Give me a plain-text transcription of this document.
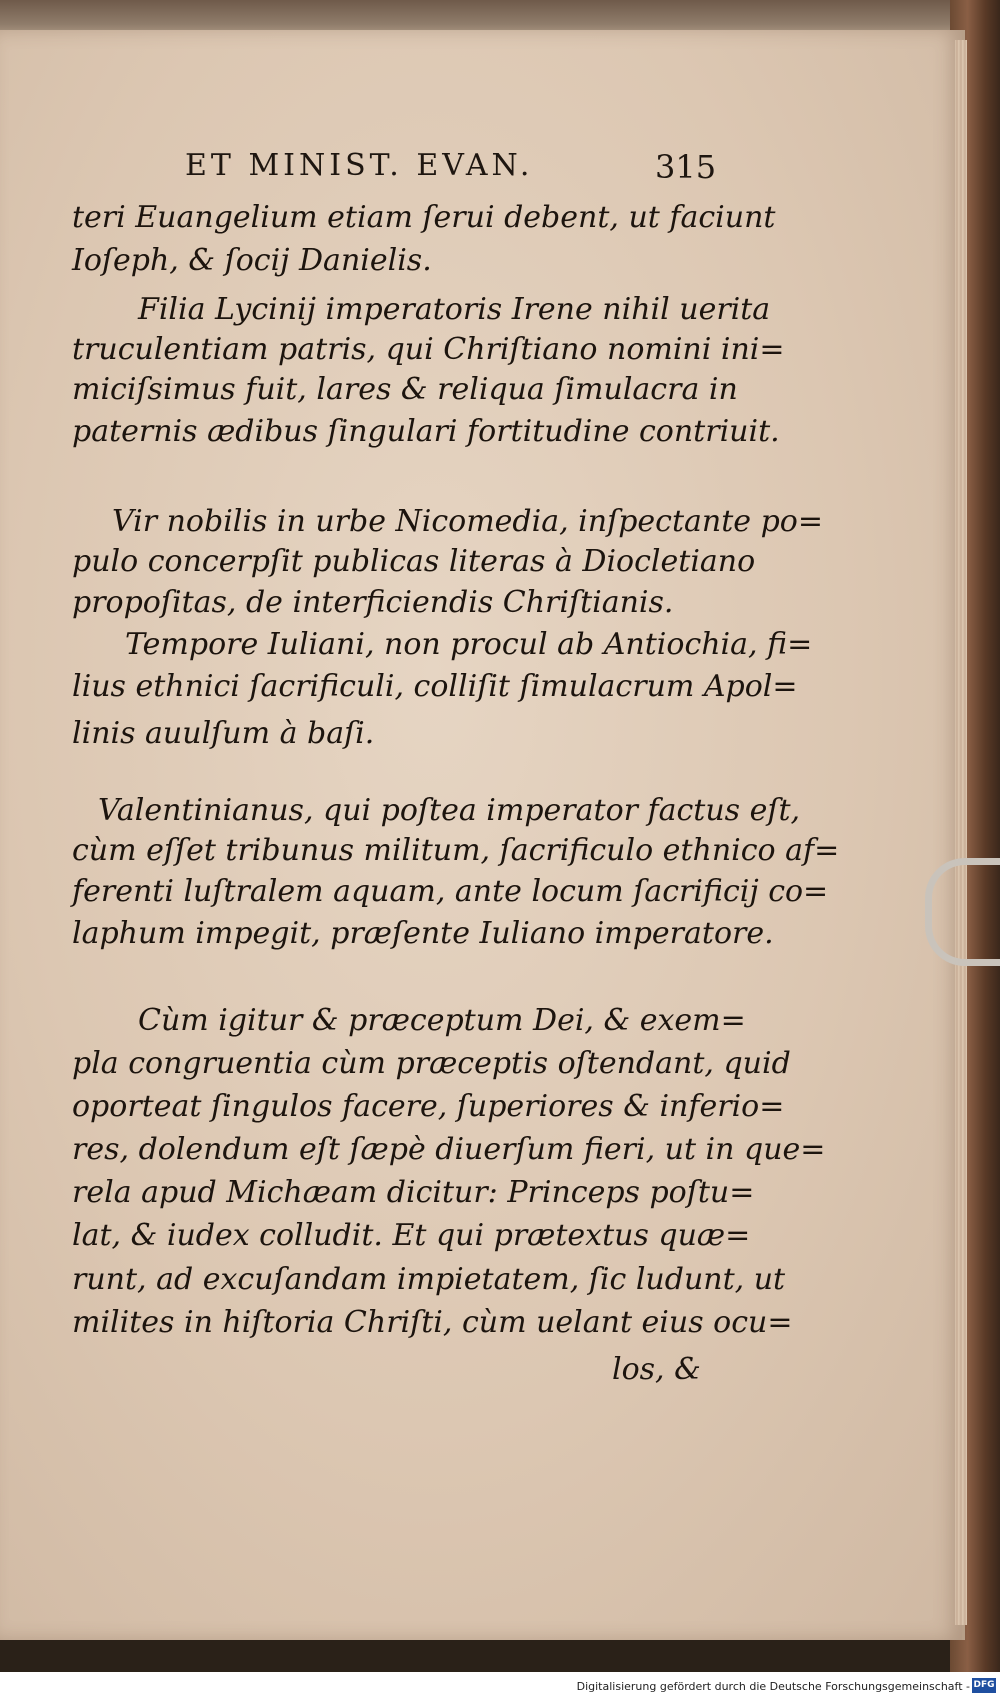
ET MINIST. EVAN.	315
teri Euangelium etiam ſerui debent, ut faciunt
Ioſeph, & ſocij Danielis.
Filia Lycinij imperatoris Irene nihil uerita
truculentiam patris, qui Chriſtiano nomini ini=
miciſsimus fuit, lares & reliqua ſimulacra in
paternis ædibus ſingulari fortitudine contriuit.
Vir nobilis in urbe Nicomedia, inſpectante po=
pulo concerpſit publicas literas à Diocletiano
propoſitas, de interficiendis Chriſtianis.
Tempore Iuliani, non procul ab Antiochia, fi=
lius ethnici ſacrificuli, colliſit ſimulacrum Apol=
linis auulſum à baſi.
Valentinianus, qui poſtea imperator factus eſt,
cùm eſſet tribunus militum, ſacrificulo ethnico af=
ferenti luſtralem aquam, ante locum ſacrificij co=
laphum impegit, præſente Iuliano imperatore.
Cùm igitur & præceptum Dei, & exem=
pla congruentia cùm præceptis oſtendant, quid
oporteat ſingulos facere, ſuperiores & inferio=
res, dolendum eſt ſæpè diuerſum fieri, ut in que=
rela apud Michæam dicitur: Princeps poſtu=
lat, & iudex colludit. Et qui prætextus quæ=
runt, ad excuſandam impietatem, ſic ludunt, ut
milites in hiſtoria Chriſti, cùm uelant eius ocu=
los, &
Digitalisierung gefördert durch die Deutsche Forschungsgemeinschaft - DFG
